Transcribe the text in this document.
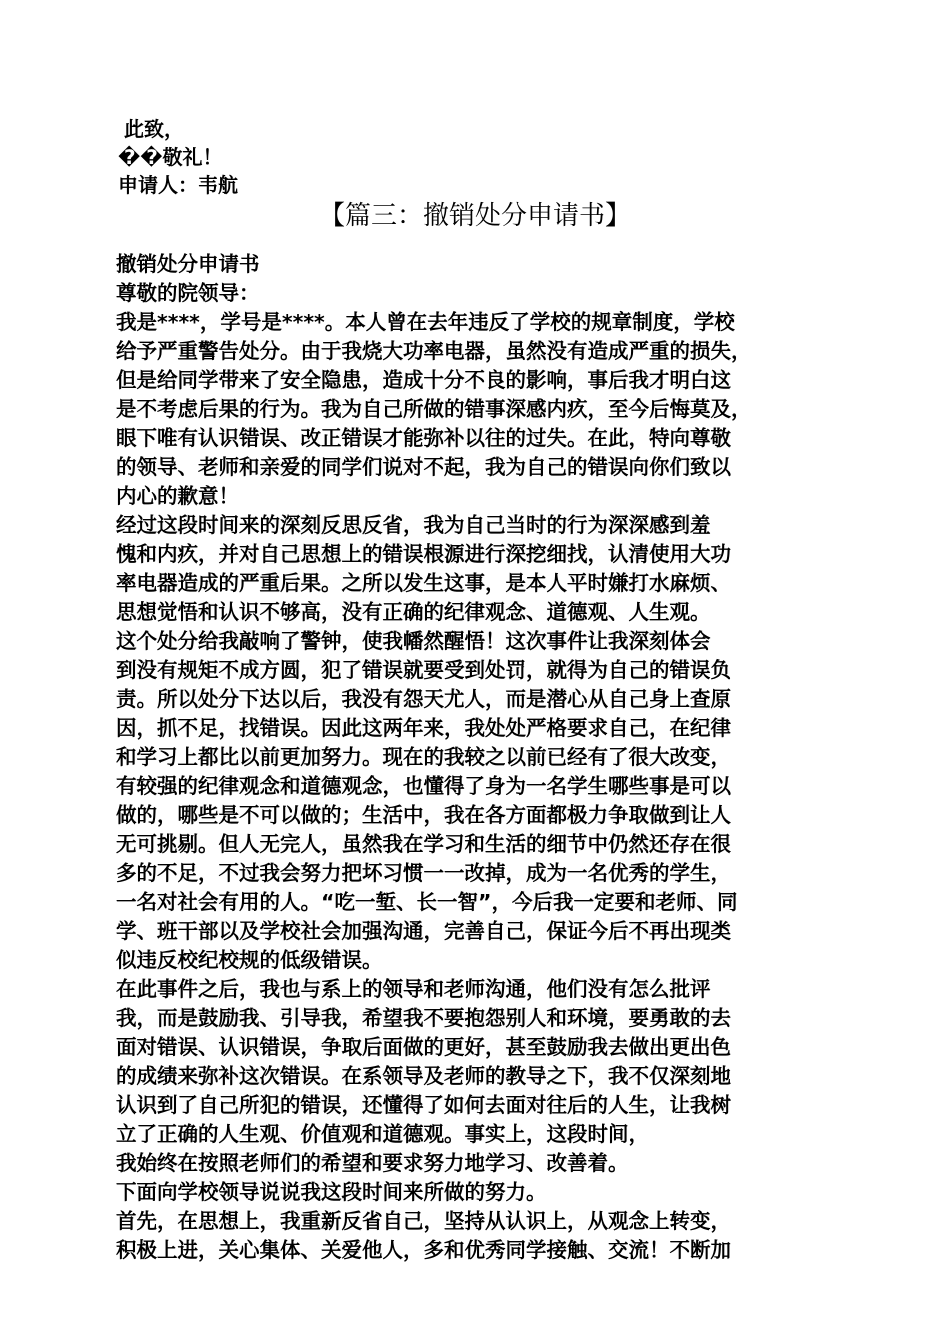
此致，
��敬礼！
申请人：韦航
【篇三：撤销处分申请书】
撤销处分申请书
尊敬的院领导：
我是****，学号是****。本人曾在去年违反了学校的规章制度，学校
给予严重警告处分。由于我烧大功率电器，虽然没有造成严重的损失，
但是给同学带来了安全隐患，造成十分不良的影响，事后我才明白这
是不考虑后果的行为。我为自己所做的错事深感内疚，至今后悔莫及，
眼下唯有认识错误、改正错误才能弥补以往的过失。在此，特向尊敬
的领导、老师和亲爱的同学们说对不起，我为自己的错误向你们致以
内心的歉意！
经过这段时间来的深刻反思反省，我为自己当时的行为深深感到羞
愧和内疚，并对自己思想上的错误根源进行深挖细找，认清使用大功
率电器造成的严重后果。之所以发生这事，是本人平时嫌打水麻烦、
思想觉悟和认识不够高，没有正确的纪律观念、道德观、人生观。
这个处分给我敲响了警钟，使我幡然醒悟！这次事件让我深刻体会
到没有规矩不成方圆，犯了错误就要受到处罚，就得为自己的错误负
责。所以处分下达以后，我没有怨天尤人，而是潜心从自己身上查原
因，抓不足，找错误。因此这两年来，我处处严格要求自己，在纪律
和学习上都比以前更加努力。现在的我较之以前已经有了很大改变，
有较强的纪律观念和道德观念，也懂得了身为一名学生哪些事是可以
做的，哪些是不可以做的；生活中，我在各方面都极力争取做到让人
无可挑剔。但人无完人，虽然我在学习和生活的细节中仍然还存在很
多的不足，不过我会努力把坏习惯一一改掉，成为一名优秀的学生，
一名对社会有用的人。“吃一堑、长一智”，今后我一定要和老师、同
学、班干部以及学校社会加强沟通，完善自己，保证今后不再出现类
似违反校纪校规的低级错误。
在此事件之后，我也与系上的领导和老师沟通，他们没有怎么批评
我，而是鼓励我、引导我，希望我不要抱怨别人和环境，要勇敢的去
面对错误、认识错误，争取后面做的更好，甚至鼓励我去做出更出色
的成绩来弥补这次错误。在系领导及老师的教导之下，我不仅深刻地
认识到了自己所犯的错误，还懂得了如何去面对往后的人生，让我树
立了正确的人生观、价值观和道德观。事实上，这段时间，
我始终在按照老师们的希望和要求努力地学习、改善着。
下面向学校领导说说我这段时间来所做的努力。
首先，在思想上，我重新反省自己，坚持从认识上，从观念上转变，
积极上进，关心集体、关爱他人，多和优秀同学接触、交流！不断加
